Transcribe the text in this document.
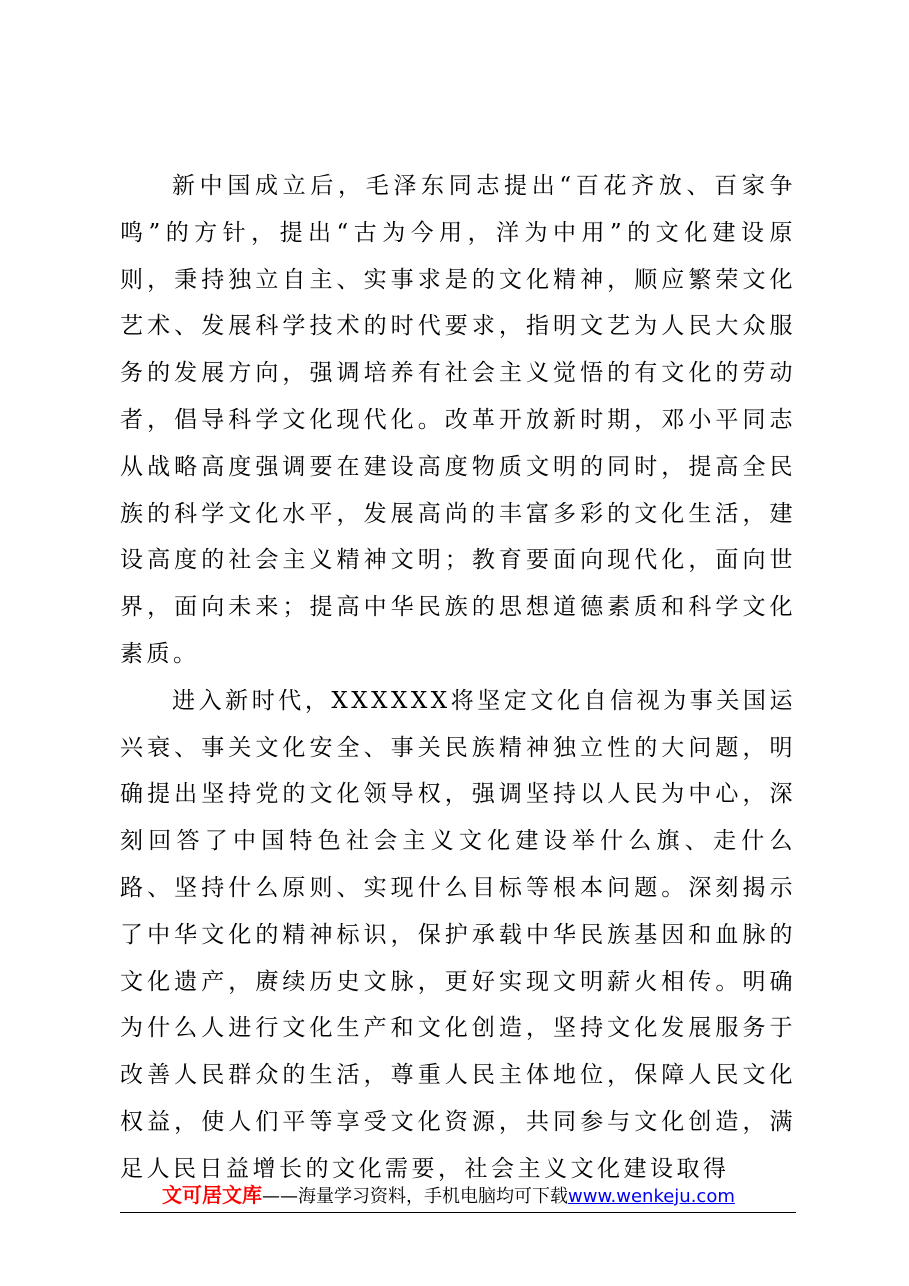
新中国成立后，毛泽东同志提出“百花齐放、百家争鸣”的方针，提出“古为今用，洋为中用”的文化建设原则，秉持独立自主、实事求是的文化精神，顺应繁荣文化艺术、发展科学技术的时代要求，指明文艺为人民大众服务的发展方向，强调培养有社会主义觉悟的有文化的劳动者，倡导科学文化现代化。改革开放新时期，邓小平同志从战略高度强调要在建设高度物质文明的同时，提高全民族的科学文化水平，发展高尚的丰富多彩的文化生活，建设高度的社会主义精神文明；教育要面向现代化，面向世界，面向未来；提高中华民族的思想道德素质和科学文化素质。

进入新时代，XXXXXX将坚定文化自信视为事关国运兴衰、事关文化安全、事关民族精神独立性的大问题，明确提出坚持党的文化领导权，强调坚持以人民为中心，深刻回答了中国特色社会主义文化建设举什么旗、走什么路、坚持什么原则、实现什么目标等根本问题。深刻揭示了中华文化的精神标识，保护承载中华民族基因和血脉的文化遗产，赓续历史文脉，更好实现文明薪火相传。明确为什么人进行文化生产和文化创造，坚持文化发展服务于改善人民群众的生活，尊重人民主体地位，保障人民文化权益，使人们平等享受文化资源，共同参与文化创造，满足人民日益增长的文化需要，社会主义文化建设取得

文可居文库——海量学习资料，手机电脑均可下载www.wenkeju.com
